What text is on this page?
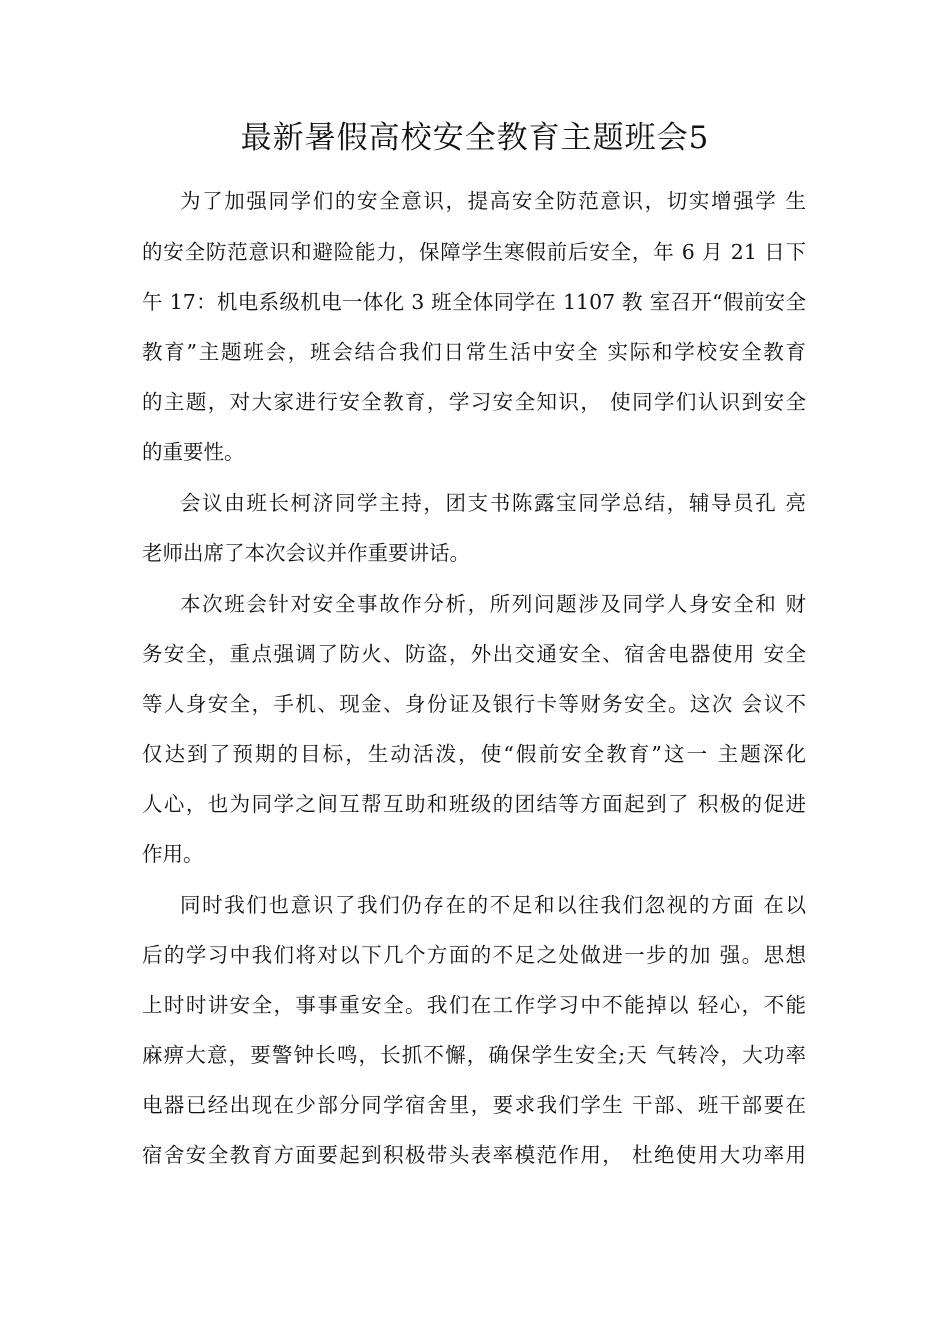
最新暑假高校安全教育主题班会5
为了加强同学们的安全意识，提高安全防范意识，切实增强学 生
的安全防范意识和避险能力，保障学生寒假前后安全，年 6 月 21 日下
午 17：机电系级机电一体化 3 班全体同学在 1107 教 室召开“假前安全
教育”主题班会，班会结合我们日常生活中安全 实际和学校安全教育
的主题，对大家进行安全教育，学习安全知识， 使同学们认识到安全
的重要性。
会议由班长柯济同学主持，团支书陈露宝同学总结，辅导员孔 亮
老师出席了本次会议并作重要讲话。
本次班会针对安全事故作分析，所列问题涉及同学人身安全和 财
务安全，重点强调了防火、防盗，外出交通安全、宿舍电器使用 安全
等人身安全，手机、现金、身份证及银行卡等财务安全。这次 会议不
仅达到了预期的目标，生动活泼，使“假前安全教育”这一 主题深化
人心，也为同学之间互帮互助和班级的团结等方面起到了 积极的促进
作用。
同时我们也意识了我们仍存在的不足和以往我们忽视的方面 在以
后的学习中我们将对以下几个方面的不足之处做进一步的加 强。思想
上时时讲安全，事事重安全。我们在工作学习中不能掉以 轻心，不能
麻痹大意，要警钟长鸣，长抓不懈，确保学生安全;天 气转冷，大功率
电器已经出现在少部分同学宿舍里，要求我们学生 干部、班干部要在
宿舍安全教育方面要起到积极带头表率模范作用， 杜绝使用大功率用
